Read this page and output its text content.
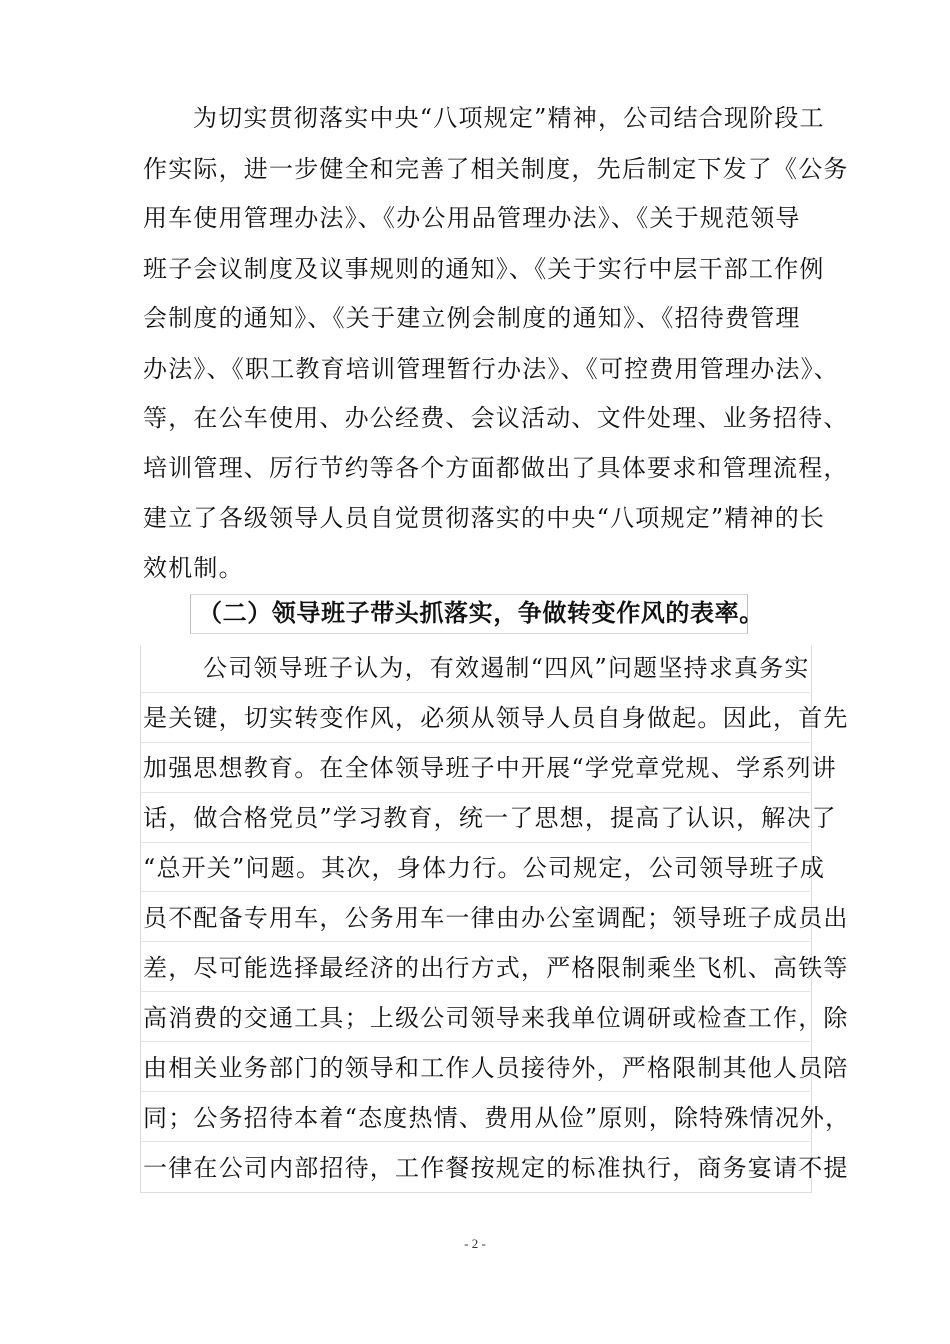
为切实贯彻落实中央“八项规定”精神，公司结合现阶段工
作实际，进一步健全和完善了相关制度，先后制定下发了《公务
用车使用管理办法》、《办公用品管理办法》、《关于规范领导
班子会议制度及议事规则的通知》、《关于实行中层干部工作例
会制度的通知》、《关于建立例会制度的通知》、《招待费管理
办法》、《职工教育培训管理暂行办法》、《可控费用管理办法》、
等，在公车使用、办公经费、会议活动、文件处理、业务招待、
培训管理、厉行节约等各个方面都做出了具体要求和管理流程，
建立了各级领导人员自觉贯彻落实的中央“八项规定”精神的长
效机制。
（二）领导班子带头抓落实，争做转变作风的表率。
公司领导班子认为，有效遏制“四风”问题坚持求真务实
是关键，切实转变作风，必须从领导人员自身做起。因此，首先
加强思想教育。在全体领导班子中开展“学党章党规、学系列讲
话，做合格党员”学习教育，统一了思想，提高了认识，解决了
“总开关”问题。其次，身体力行。公司规定，公司领导班子成
员不配备专用车，公务用车一律由办公室调配；领导班子成员出
差，尽可能选择最经济的出行方式，严格限制乘坐飞机、高铁等
高消费的交通工具；上级公司领导来我单位调研或检查工作，除
由相关业务部门的领导和工作人员接待外，严格限制其他人员陪
同；公务招待本着“态度热情、费用从俭”原则，除特殊情况外，
一律在公司内部招待，工作餐按规定的标准执行，商务宴请不提
- 2 -
